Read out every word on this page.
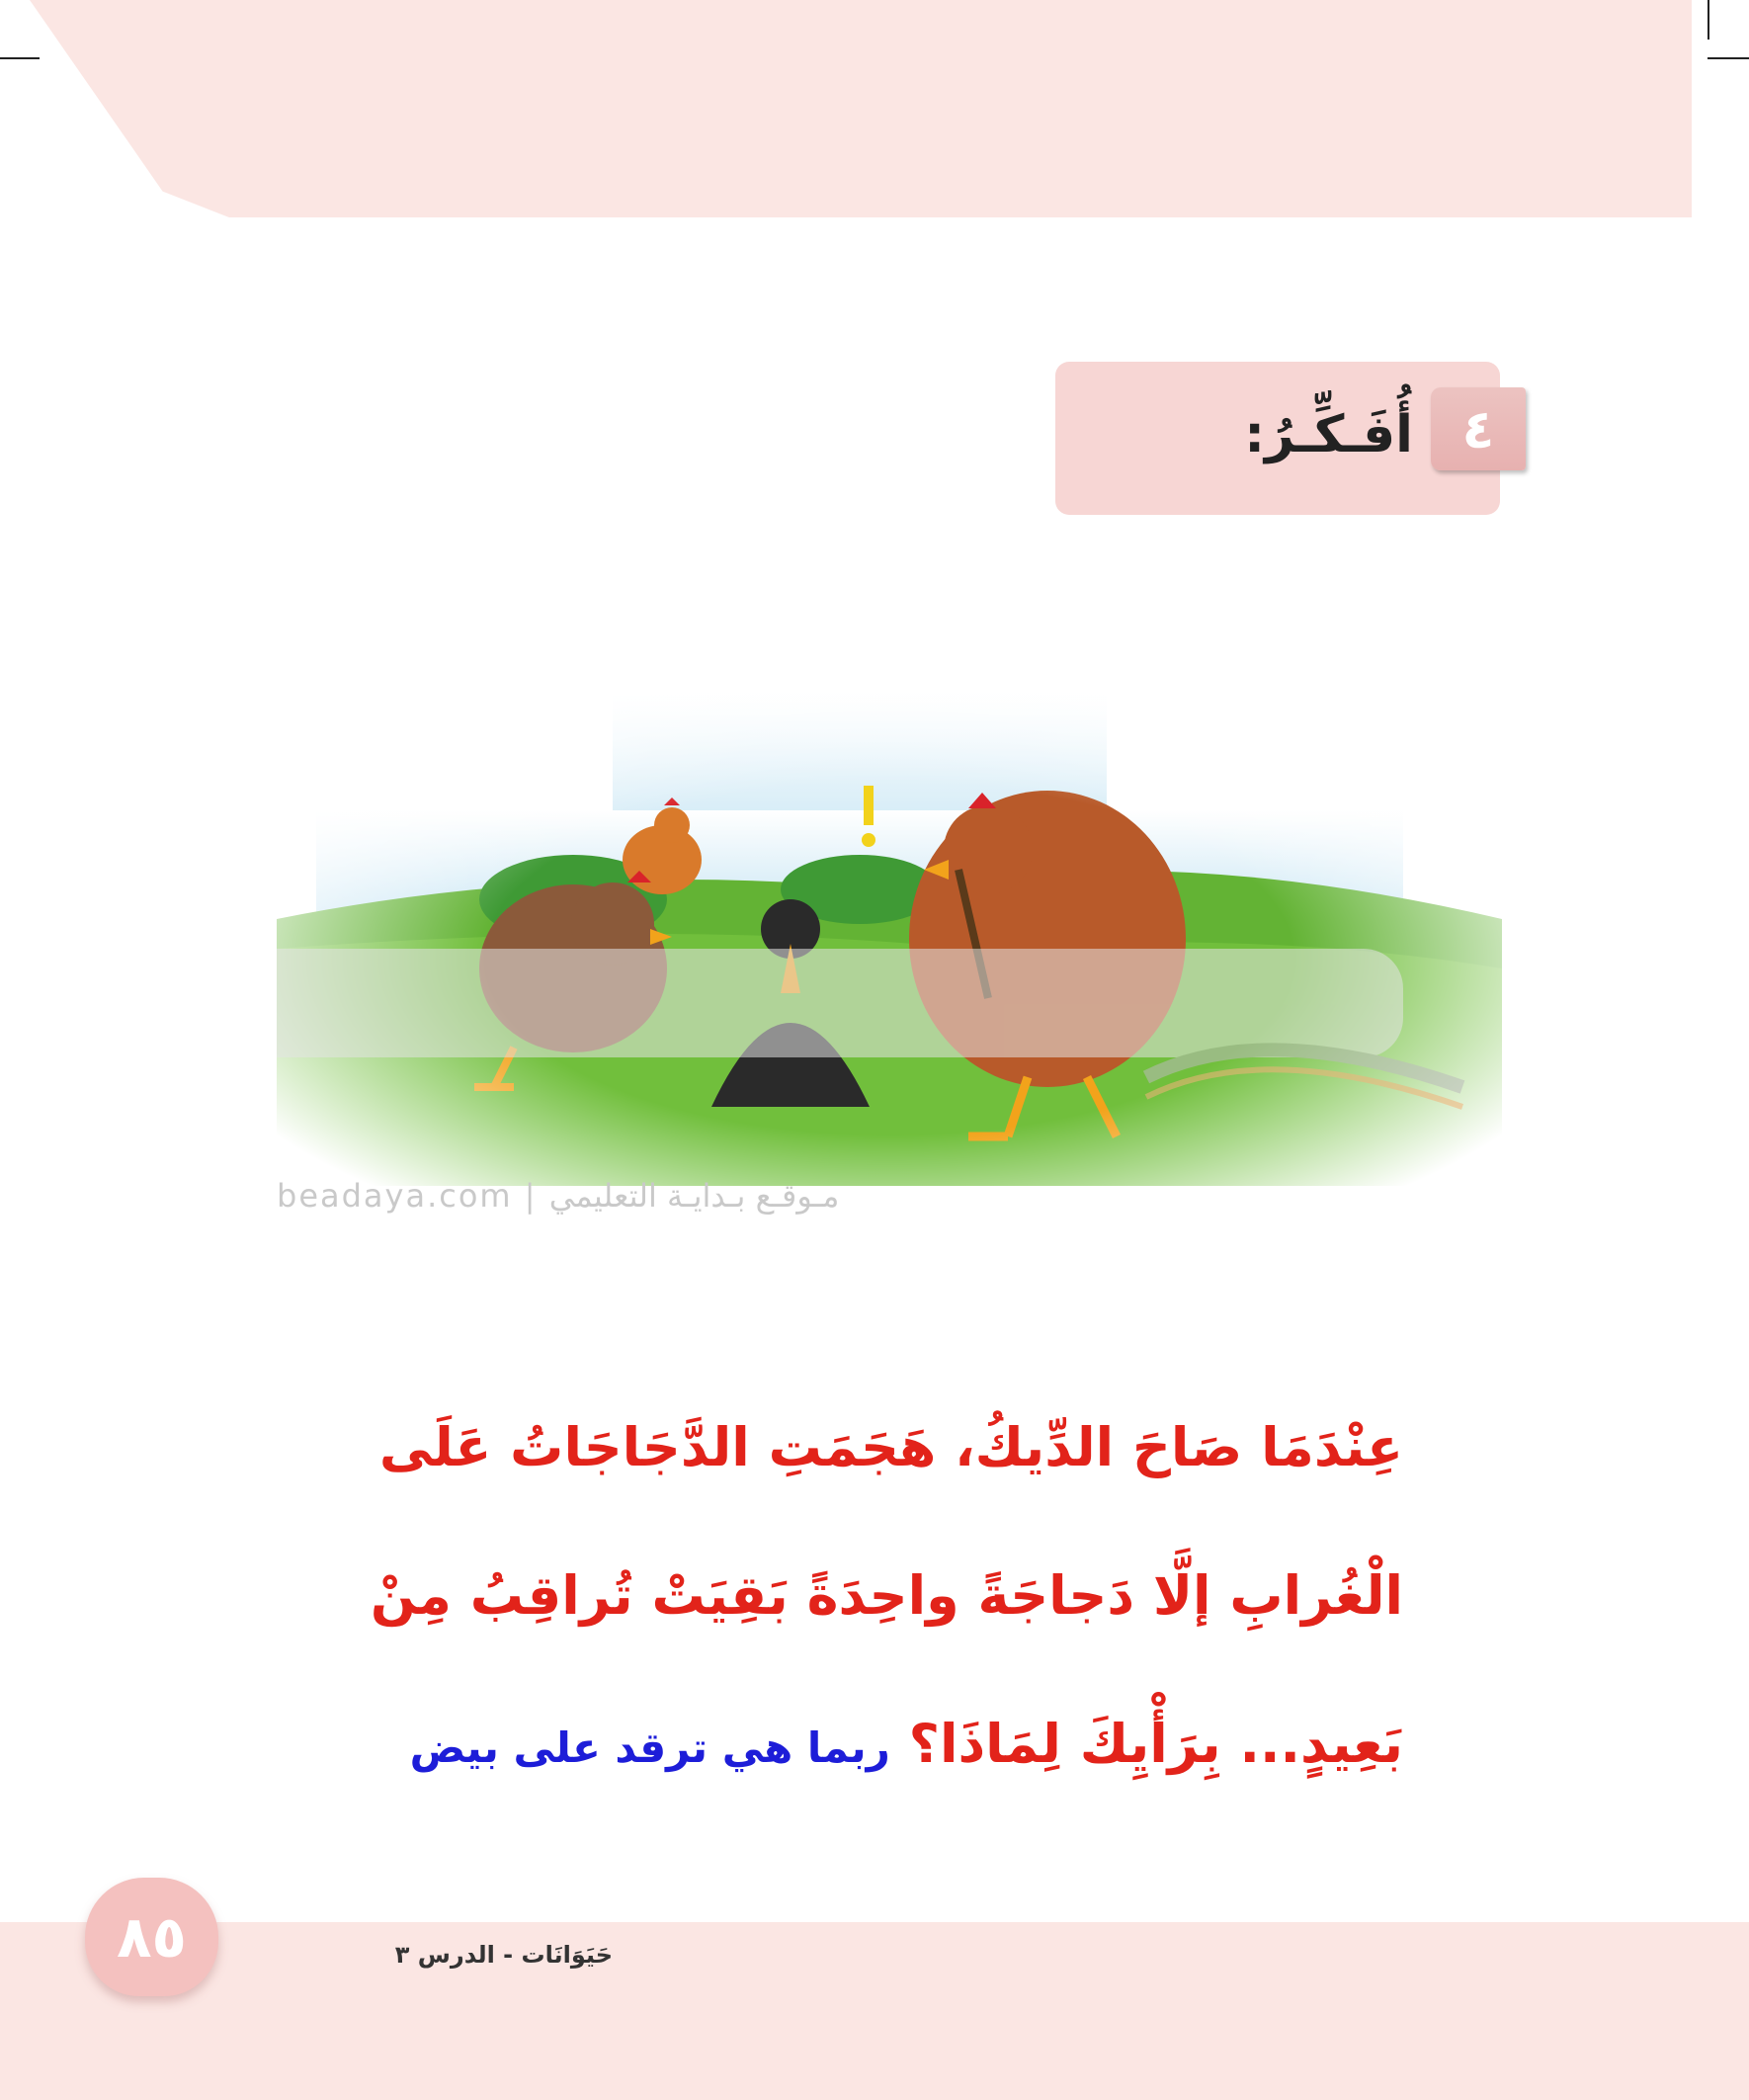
أُفَـكِّـرُ: ٤
beadaya.com | مـوقـع بـدايـة التعليمي
عِنْدَمَا صَاحَ الدِّيكُ، هَجَمَتِ الدَّجَاجَاتُ عَلَى
الْغُرابِ إلَّا دَجاجَةً واحِدَةً بَقِيَتْ تُراقِبُ مِنْ
بَعِيدٍ... بِرَأْيِكَ لِمَاذَا؟ ربما هي ترقد على بيض
٨٥	حَيَوَانَات - الدرس ٣
